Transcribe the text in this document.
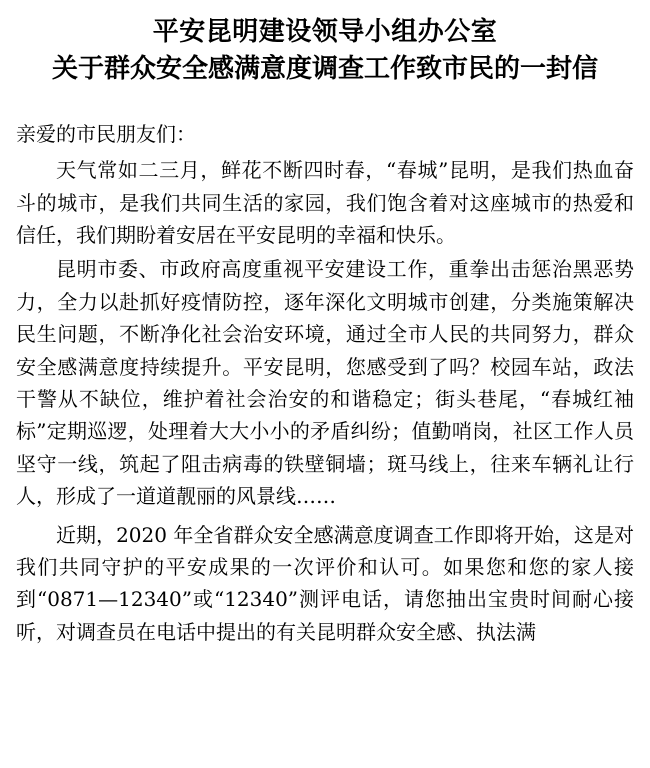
平安昆明建设领导小组办公室
关于群众安全感满意度调查工作致市民的一封信
亲爱的市民朋友们：

天气常如二三月，鲜花不断四时春，“春城”昆明，是我们热血奋斗的城市，是我们共同生活的家园，我们饱含着对这座城市的热爱和信任，我们期盼着安居在平安昆明的幸福和快乐。

昆明市委、市政府高度重视平安建设工作，重拳出击惩治黑恶势力，全力以赴抓好疫情防控，逐年深化文明城市创建，分类施策解决民生问题，不断净化社会治安环境，通过全市人民的共同努力，群众安全感满意度持续提升。平安昆明，您感受到了吗？校园车站，政法干警从不缺位，维护着社会治安的和谐稳定；街头巷尾，“春城红袖标”定期巡逻，处理着大大小小的矛盾纠纷；值勤哨岗，社区工作人员坚守一线，筑起了阻击病毒的铁壁铜墙；斑马线上，往来车辆礼让行人，形成了一道道靓丽的风景线……

近期，2020 年全省群众安全感满意度调查工作即将开始，这是对我们共同守护的平安成果的一次评价和认可。如果您和您的家人接到“0871—12340”或“12340”测评电话，请您抽出宝贵时间耐心接听，对调查员在电话中提出的有关昆明群众安全感、执法满
